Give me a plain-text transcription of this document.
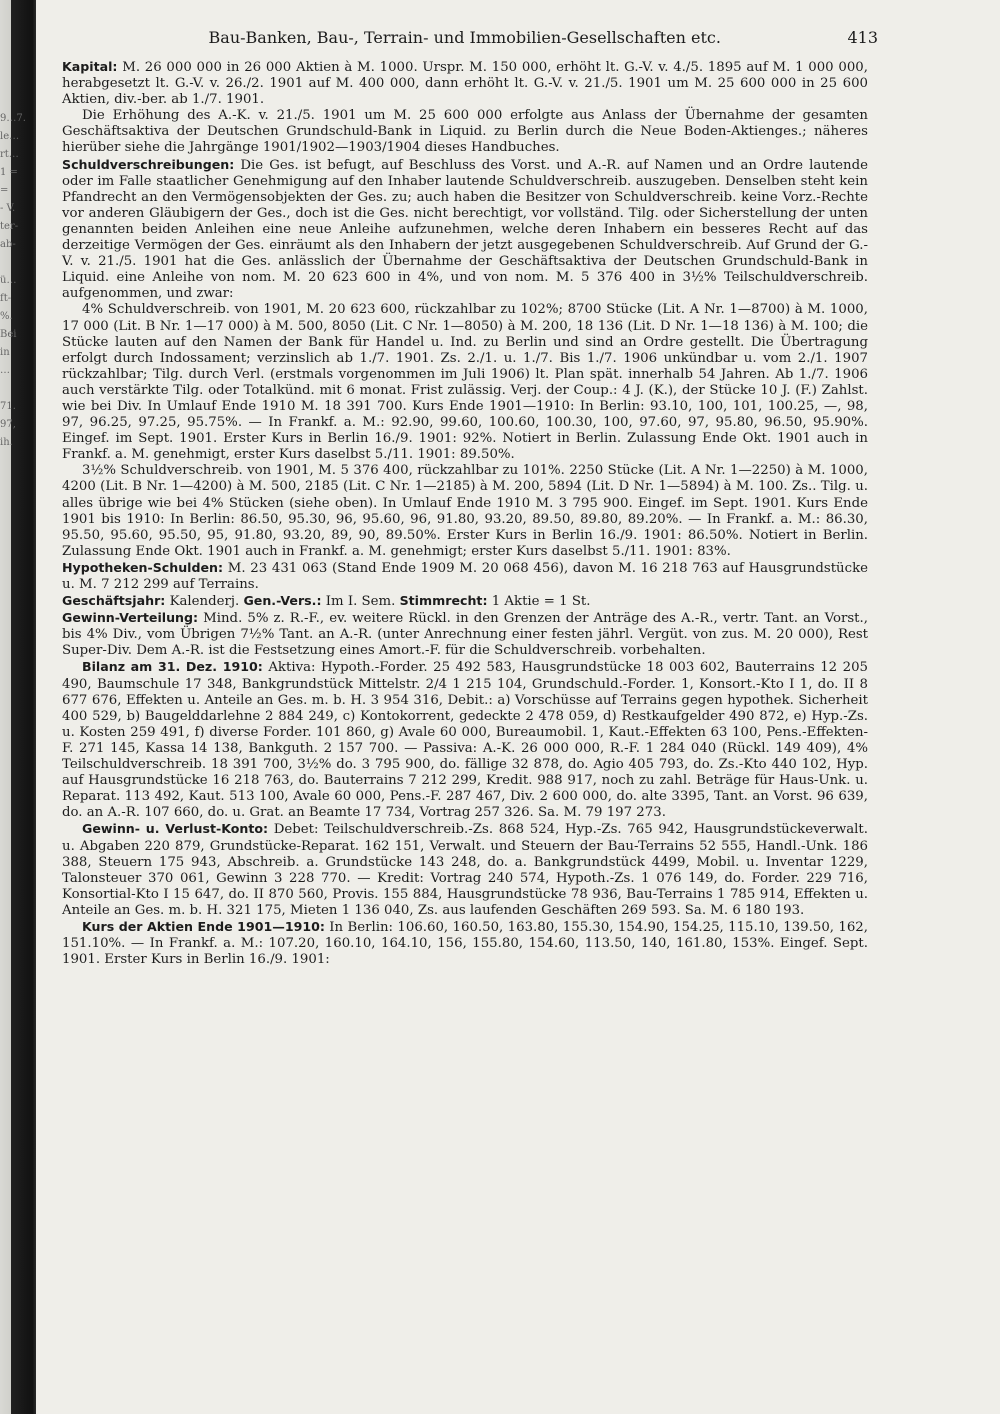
9…7.
le…
rt…
1 =
=
- V.
ter-
ab-
ü…
ft-
%.
Bei
in
…
71.
97,
ih.
Bau-Banken, Bau-, Terrain- und Immobilien-Gesellschaften etc.	413

Kapital: M. 26 000 000 in 26 000 Aktien à M. 1000. Urspr. M. 150 000, erhöht lt. G.-V. v. 4./5. 1895 auf M. 1 000 000, herabgesetzt lt. G.-V. v. 26./2. 1901 auf M. 400 000, dann erhöht lt. G.-V. v. 21./5. 1901 um M. 25 600 000 in 25 600 Aktien, div.-ber. ab 1./7. 1901.

Die Erhöhung des A.-K. v. 21./5. 1901 um M. 25 600 000 erfolgte aus Anlass der Übernahme der gesamten Geschäftsaktiva der Deutschen Grundschuld-Bank in Liquid. zu Berlin durch die Neue Boden-Aktienges.; näheres hierüber siehe die Jahrgänge 1901/1902—1903/1904 dieses Handbuches.

Schuldverschreibungen: Die Ges. ist befugt, auf Beschluss des Vorst. und A.-R. auf Namen und an Ordre lautende oder im Falle staatlicher Genehmigung auf den Inhaber lautende Schuldverschreib. auszugeben. Denselben steht kein Pfandrecht an den Vermögensobjekten der Ges. zu; auch haben die Besitzer von Schuldverschreib. keine Vorz.-Rechte vor anderen Gläubigern der Ges., doch ist die Ges. nicht berechtigt, vor vollständ. Tilg. oder Sicherstellung der unten genannten beiden Anleihen eine neue Anleihe aufzunehmen, welche deren Inhabern ein besseres Recht auf das derzeitige Vermögen der Ges. einräumt als den Inhabern der jetzt ausgegebenen Schuldverschreib. Auf Grund der G.-V. v. 21./5. 1901 hat die Ges. anlässlich der Übernahme der Geschäftsaktiva der Deutschen Grundschuld-Bank in Liquid. eine Anleihe von nom. M. 20 623 600 in 4%, und von nom. M. 5 376 400 in 3½% Teilschuldverschreib. aufgenommen, und zwar:

4% Schuldverschreib. von 1901, M. 20 623 600, rückzahlbar zu 102%; 8700 Stücke (Lit. A Nr. 1—8700) à M. 1000, 17 000 (Lit. B Nr. 1—17 000) à M. 500, 8050 (Lit. C Nr. 1—8050) à M. 200, 18 136 (Lit. D Nr. 1—18 136) à M. 100; die Stücke lauten auf den Namen der Bank für Handel u. Ind. zu Berlin und sind an Ordre gestellt. Die Übertragung erfolgt durch Indossament; verzinslich ab 1./7. 1901. Zs. 2./1. u. 1./7. Bis 1./7. 1906 unkündbar u. vom 2./1. 1907 rückzahlbar; Tilg. durch Verl. (erstmals vorgenommen im Juli 1906) lt. Plan spät. innerhalb 54 Jahren. Ab 1./7. 1906 auch verstärkte Tilg. oder Totalkünd. mit 6 monat. Frist zulässig. Verj. der Coup.: 4 J. (K.), der Stücke 10 J. (F.) Zahlst. wie bei Div. In Umlauf Ende 1910 M. 18 391 700. Kurs Ende 1901—1910: In Berlin: 93.10, 100, 101, 100.25, —, 98, 97, 96.25, 97.25, 95.75%. — In Frankf. a. M.: 92.90, 99.60, 100.60, 100.30, 100, 97.60, 97, 95.80, 96.50, 95.90%. Eingef. im Sept. 1901. Erster Kurs in Berlin 16./9. 1901: 92%. Notiert in Berlin. Zulassung Ende Okt. 1901 auch in Frankf. a. M. genehmigt, erster Kurs daselbst 5./11. 1901: 89.50%.

3½% Schuldverschreib. von 1901, M. 5 376 400, rückzahlbar zu 101%. 2250 Stücke (Lit. A Nr. 1—2250) à M. 1000, 4200 (Lit. B Nr. 1—4200) à M. 500, 2185 (Lit. C Nr. 1—2185) à M. 200, 5894 (Lit. D Nr. 1—5894) à M. 100. Zs.. Tilg. u. alles übrige wie bei 4% Stücken (siehe oben). In Umlauf Ende 1910 M. 3 795 900. Eingef. im Sept. 1901. Kurs Ende 1901 bis 1910: In Berlin: 86.50, 95.30, 96, 95.60, 96, 91.80, 93.20, 89.50, 89.80, 89.20%. — In Frankf. a. M.: 86.30, 95.50, 95.60, 95.50, 95, 91.80, 93.20, 89, 90, 89.50%. Erster Kurs in Berlin 16./9. 1901: 86.50%. Notiert in Berlin. Zulassung Ende Okt. 1901 auch in Frankf. a. M. genehmigt; erster Kurs daselbst 5./11. 1901: 83%.

Hypotheken-Schulden: M. 23 431 063 (Stand Ende 1909 M. 20 068 456), davon M. 16 218 763 auf Hausgrundstücke u. M. 7 212 299 auf Terrains.

Geschäftsjahr: Kalenderj. Gen.-Vers.: Im I. Sem. Stimmrecht: 1 Aktie = 1 St.

Gewinn-Verteilung: Mind. 5% z. R.-F., ev. weitere Rückl. in den Grenzen der Anträge des A.-R., vertr. Tant. an Vorst., bis 4% Div., vom Übrigen 7½% Tant. an A.-R. (unter Anrechnung einer festen jährl. Vergüt. von zus. M. 20 000), Rest Super-Div. Dem A.-R. ist die Festsetzung eines Amort.-F. für die Schuldverschreib. vorbehalten.

Bilanz am 31. Dez. 1910: Aktiva: Hypoth.-Forder. 25 492 583, Hausgrundstücke 18 003 602, Bauterrains 12 205 490, Baumschule 17 348, Bankgrundstück Mittelstr. 2/4 1 215 104, Grundschuld.-Forder. 1, Konsort.-Kto I 1, do. II 8 677 676, Effekten u. Anteile an Ges. m. b. H. 3 954 316, Debit.: a) Vorschüsse auf Terrains gegen hypothek. Sicherheit 400 529, b) Baugelddarlehne 2 884 249, c) Kontokorrent, gedeckte 2 478 059, d) Restkaufgelder 490 872, e) Hyp.-Zs. u. Kosten 259 491, f) diverse Forder. 101 860, g) Avale 60 000, Bureaumobil. 1, Kaut.-Effekten 63 100, Pens.-Effekten-F. 271 145, Kassa 14 138, Bankguth. 2 157 700. — Passiva: A.-K. 26 000 000, R.-F. 1 284 040 (Rückl. 149 409), 4% Teilschuldverschreib. 18 391 700, 3½% do. 3 795 900, do. fällige 32 878, do. Agio 405 793, do. Zs.-Kto 440 102, Hyp. auf Hausgrundstücke 16 218 763, do. Bauterrains 7 212 299, Kredit. 988 917, noch zu zahl. Beträge für Haus-Unk. u. Reparat. 113 492, Kaut. 513 100, Avale 60 000, Pens.-F. 287 467, Div. 2 600 000, do. alte 3395, Tant. an Vorst. 96 639, do. an A.-R. 107 660, do. u. Grat. an Beamte 17 734, Vortrag 257 326. Sa. M. 79 197 273.

Gewinn- u. Verlust-Konto: Debet: Teilschuldverschreib.-Zs. 868 524, Hyp.-Zs. 765 942, Hausgrundstückeverwalt. u. Abgaben 220 879, Grundstücke-Reparat. 162 151, Verwalt. und Steuern der Bau-Terrains 52 555, Handl.-Unk. 186 388, Steuern 175 943, Abschreib. a. Grundstücke 143 248, do. a. Bankgrundstück 4499, Mobil. u. Inventar 1229, Talonsteuer 370 061, Gewinn 3 228 770. — Kredit: Vortrag 240 574, Hypoth.-Zs. 1 076 149, do. Forder. 229 716, Konsortial-Kto I 15 647, do. II 870 560, Provis. 155 884, Hausgrundstücke 78 936, Bau-Terrains 1 785 914, Effekten u. Anteile an Ges. m. b. H. 321 175, Mieten 1 136 040, Zs. aus laufenden Geschäften 269 593. Sa. M. 6 180 193.

Kurs der Aktien Ende 1901—1910: In Berlin: 106.60, 160.50, 163.80, 155.30, 154.90, 154.25, 115.10, 139.50, 162, 151.10%. — In Frankf. a. M.: 107.20, 160.10, 164.10, 156, 155.80, 154.60, 113.50, 140, 161.80, 153%. Eingef. Sept. 1901. Erster Kurs in Berlin 16./9. 1901:
